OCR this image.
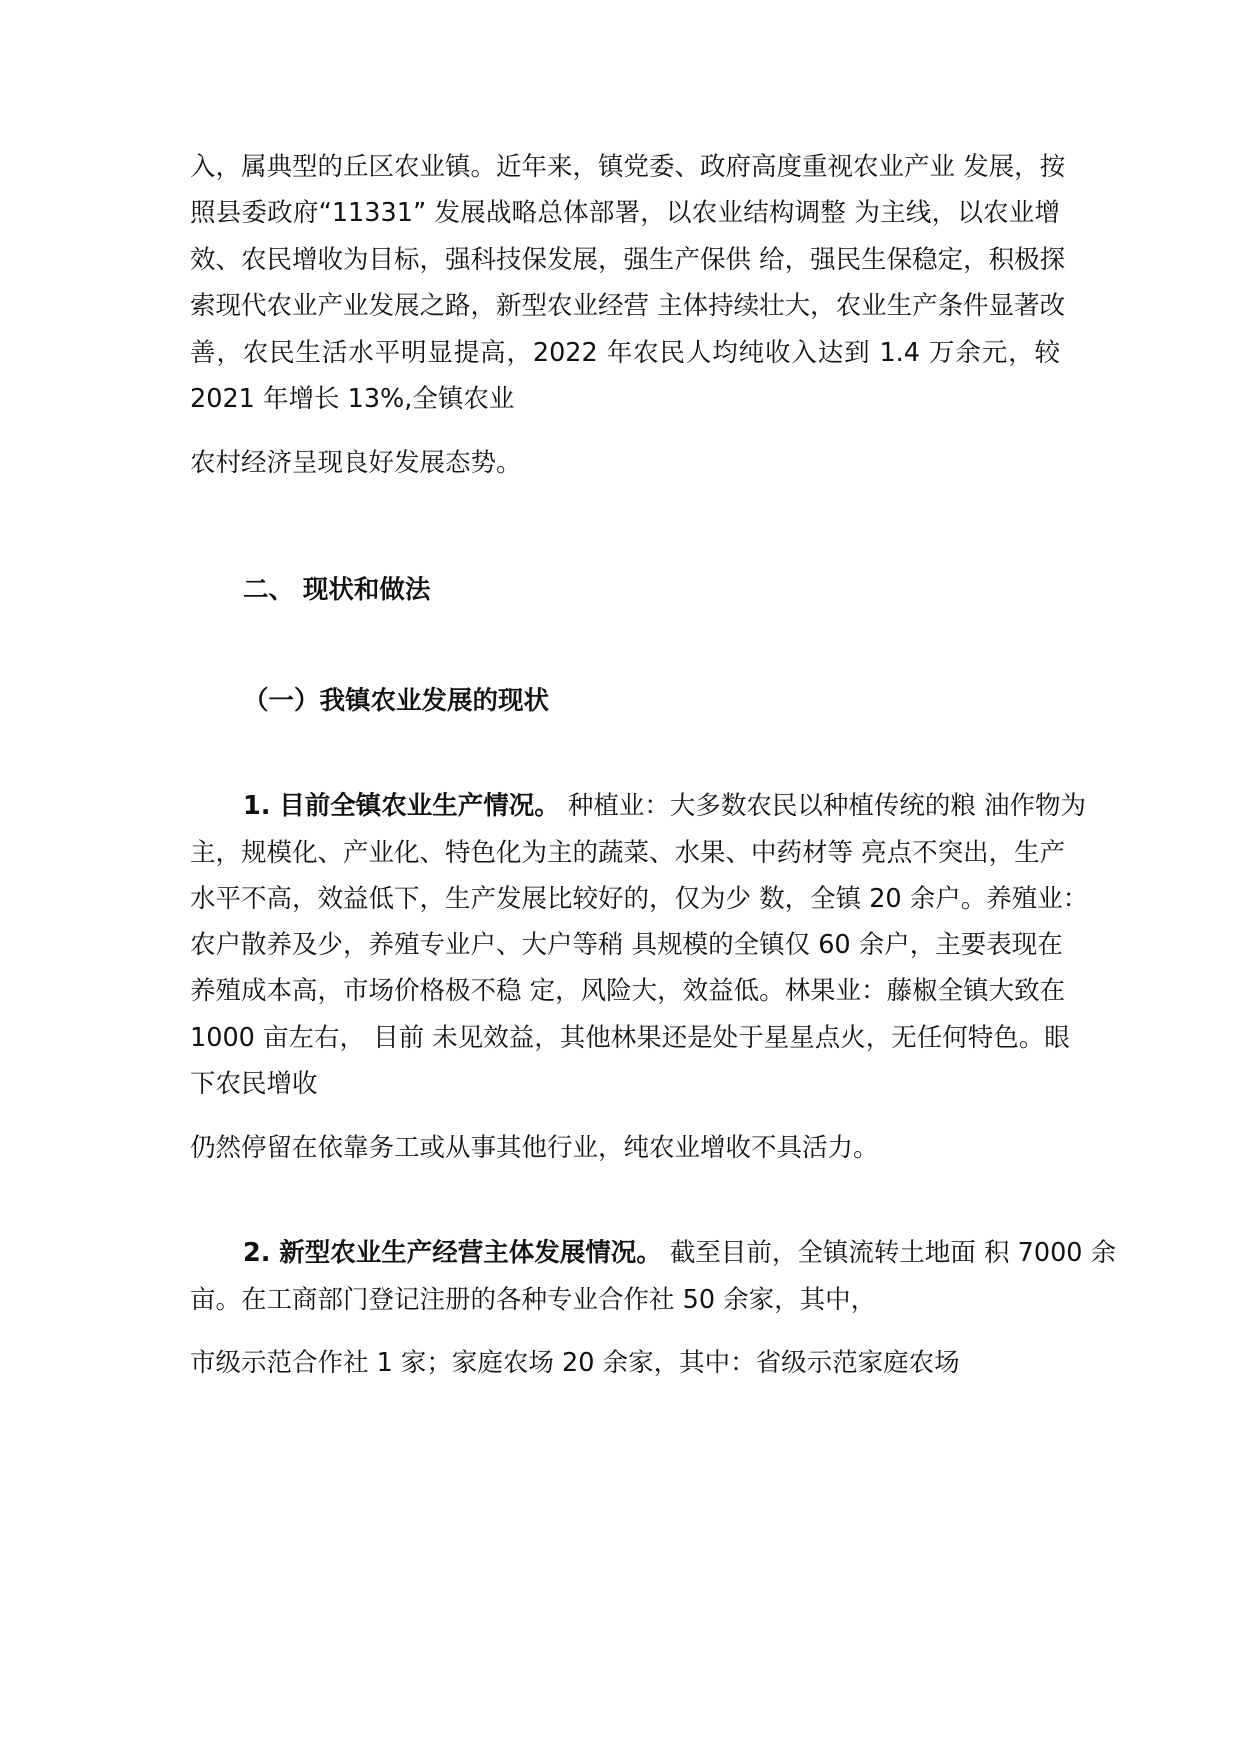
入，属典型的丘区农业镇。近年来，镇党委、政府高度重视农业产业 发展，按

照县委政府“11331” 发展战略总体部署，以农业结构调整 为主线，以农业增

效、农民增收为目标，强科技保发展，强生产保供 给，强民生保稳定，积极探

索现代农业产业发展之路，新型农业经营 主体持续壮大，农业生产条件显著改

善，农民生活水平明显提高，2022 年农民人均纯收入达到 1.4 万余元，较

2021 年增长 13%,全镇农业

农村经济呈现良好发展态势。

二、 现状和做法

（一）我镇农业发展的现状

1. 目前全镇农业生产情况。 种植业：大多数农民以种植传统的粮 油作物为

主，规模化、产业化、特色化为主的蔬菜、水果、中药材等 亮点不突出，生产

水平不高，效益低下，生产发展比较好的，仅为少 数，全镇 20 余户。养殖业：

农户散养及少，养殖专业户、大户等稍 具规模的全镇仅 60 余户，主要表现在

养殖成本高，市场价格极不稳 定，风险大，效益低。林果业：藤椒全镇大致在

1000 亩左右， 目前 未见效益，其他林果还是处于星星点火，无任何特色。眼

下农民增收

仍然停留在依靠务工或从事其他行业，纯农业增收不具活力。

2. 新型农业生产经营主体发展情况。 截至目前，全镇流转土地面 积 7000 余

亩。在工商部门登记注册的各种专业合作社 50 余家，其中，

市级示范合作社 1 家；家庭农场 20 余家，其中：省级示范家庭农场
